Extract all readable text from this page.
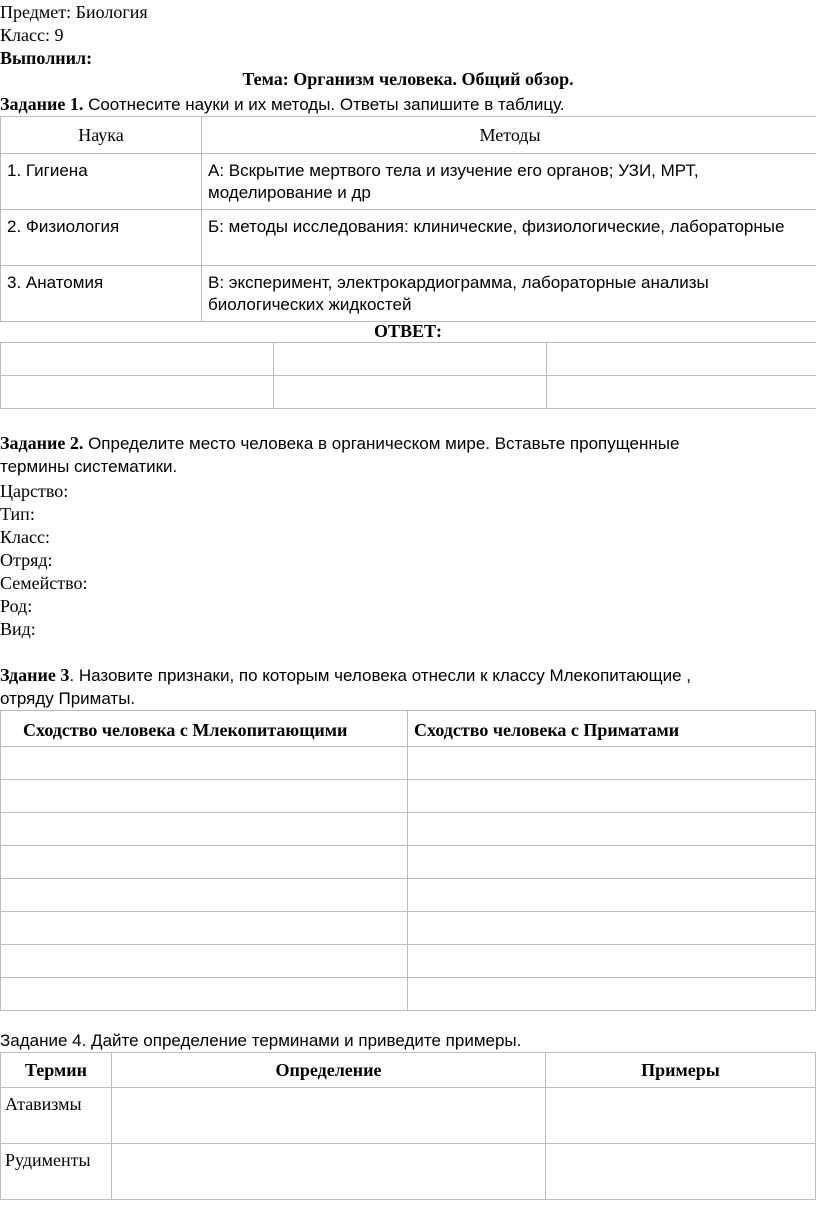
Предмет: Биология
Класс: 9
Выполнил:
Тема: Организм человека. Общий обзор.
Задание 1. Соотнесите науки и их методы. Ответы запишите в таблицу.
Наука	Методы
1. Гигиена	А: Вскрытие мертвого тела и изучение его органов; УЗИ, МРТ, моделирование и др
2. Физиология	Б: методы исследования: клинические, физиологические, лабораторные
3. Анатомия	В: эксперимент, электрокардиограмма, лабораторные анализы биологических жидкостей
ОТВЕТ:

Задание 2. Определите место человека в органическом мире. Вставьте пропущенные
термины систематики.
Царство:
Тип:
Класс:
Отряд:
Семейство:
Род:
Вид:
Здание 3. Назовите признаки, по которым человека отнесли к классу Млекопитающие ,
отряду Приматы.
Сходство человека с Млекопитающими	Сходство человека с Приматами

Задание 4. Дайте определение терминами и приведите примеры.
Термин	Определение	Примеры
Атавизмы		
Рудименты		
